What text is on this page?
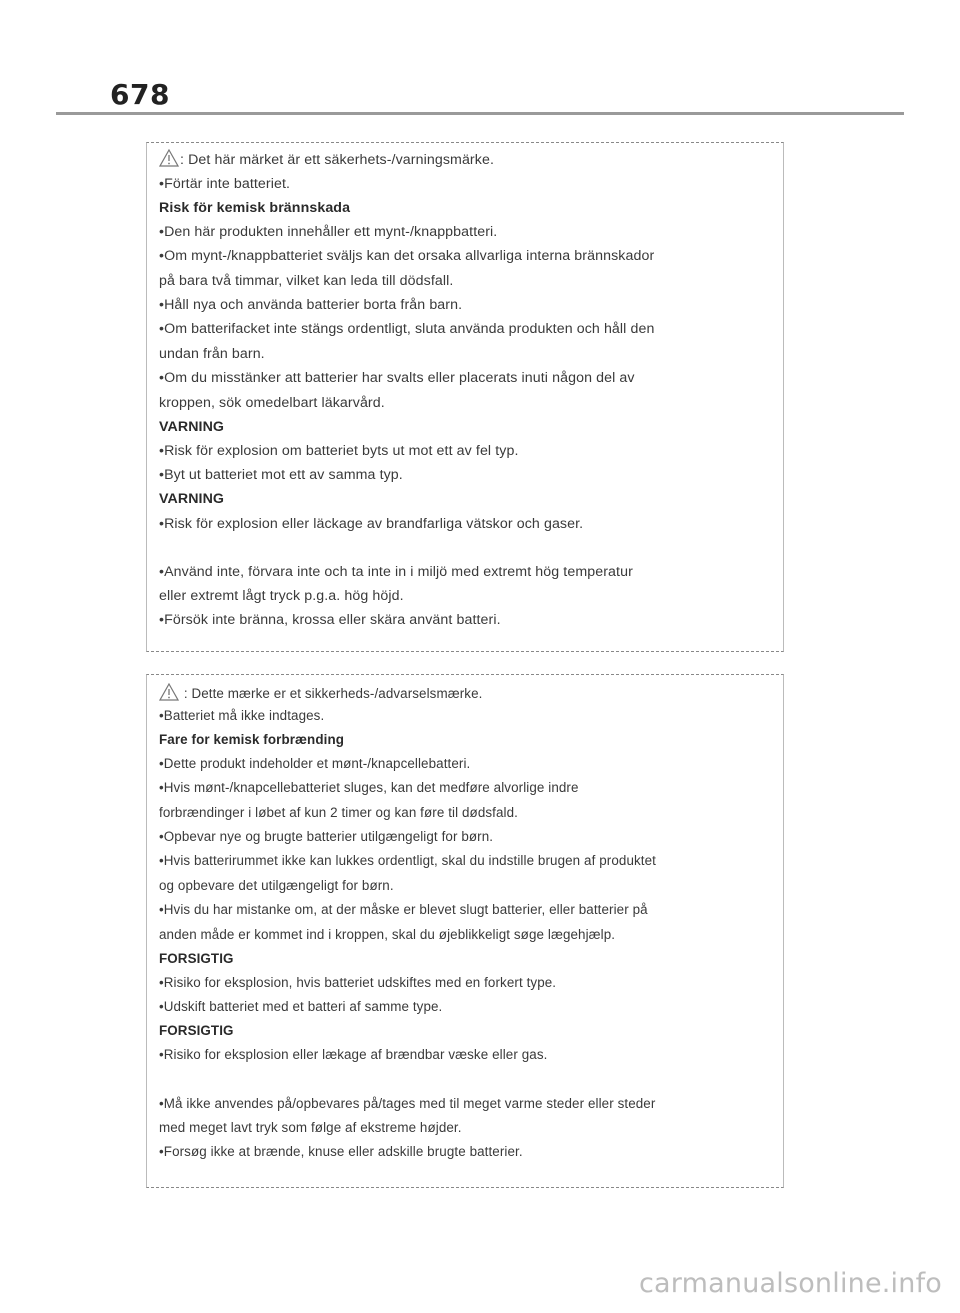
678
: Det här märket är ett säkerhets-/varningsmärke.
•Förtär inte batteriet.
Risk för kemisk brännskada
•Den här produkten innehåller ett mynt-/knappbatteri.
•Om mynt-/knappbatteriet sväljs kan det orsaka allvarliga interna brännskador
på bara två timmar, vilket kan leda till dödsfall.
•Håll nya och använda batterier borta från barn.
•Om batterifacket inte stängs ordentligt, sluta använda produkten och håll den
undan från barn.
•Om du misstänker att batterier har svalts eller placerats inuti någon del av
kroppen, sök omedelbart läkarvård.
VARNING
•Risk för explosion om batteriet byts ut mot ett av fel typ.
•Byt ut batteriet mot ett av samma typ.
VARNING
•Risk för explosion eller läckage av brandfarliga vätskor och gaser.
•Använd inte, förvara inte och ta inte in i miljö med extremt hög temperatur
eller extremt lågt tryck p.g.a. hög höjd.
•Försök inte bränna, krossa eller skära använt batteri.
: Dette mærke er et sikkerheds-/advarselsmærke.
•Batteriet må ikke indtages.
Fare for kemisk forbrænding
•Dette produkt indeholder et mønt-/knapcellebatteri.
•Hvis mønt-/knapcellebatteriet sluges, kan det medføre alvorlige indre
forbrændinger i løbet af kun 2 timer og kan føre til dødsfald.
•Opbevar nye og brugte batterier utilgængeligt for børn.
•Hvis batterirummet ikke kan lukkes ordentligt, skal du indstille brugen af produktet
og opbevare det utilgængeligt for børn.
•Hvis du har mistanke om, at der måske er blevet slugt batterier, eller batterier på
anden måde er kommet ind i kroppen, skal du øjeblikkeligt søge lægehjælp.
FORSIGTIG
•Risiko for eksplosion, hvis batteriet udskiftes med en forkert type.
•Udskift batteriet med et batteri af samme type.
FORSIGTIG
•Risiko for eksplosion eller lækage af brændbar væske eller gas.
•Må ikke anvendes på/opbevares på/tages med til meget varme steder eller steder
med meget lavt tryk som følge af ekstreme højder.
•Forsøg ikke at brænde, knuse eller adskille brugte batterier.
carmanualsonline.info
